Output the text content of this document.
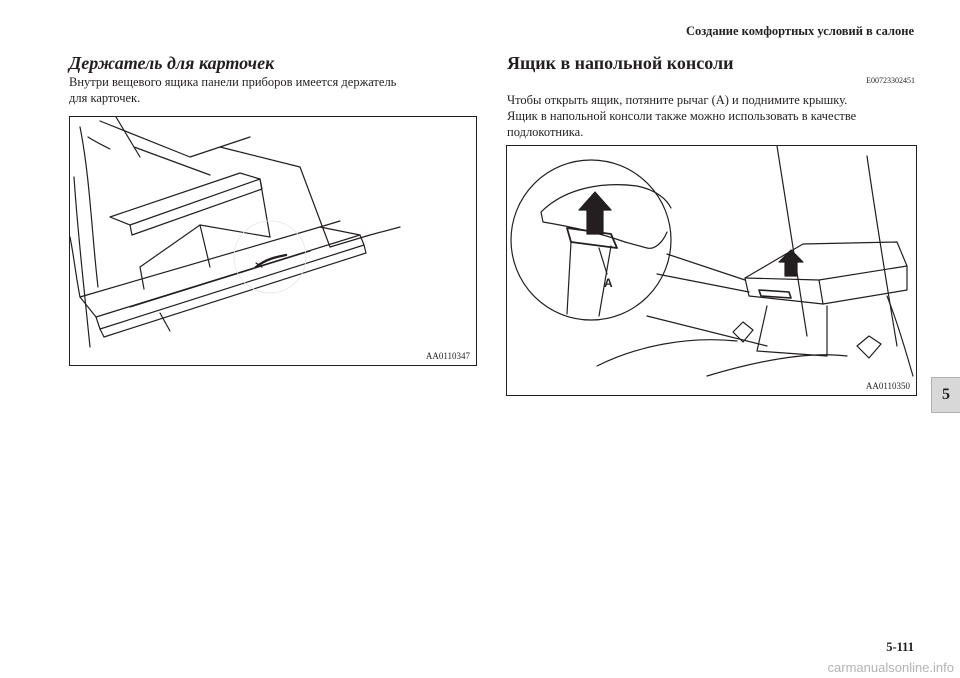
Создание комфортных условий в салоне
Держатель для карточек

Внутри вещевого ящика панели приборов имеется держатель
для карточек.

AA0110347
Ящик в напольной консоли
E00723302451

Чтобы открыть ящик, потяните рычаг (A) и поднимите крышку.
Ящик в напольной консоли также можно использовать в качестве
подлокотника.

A
AA0110350	5
5-111
carmanualsonline.info
